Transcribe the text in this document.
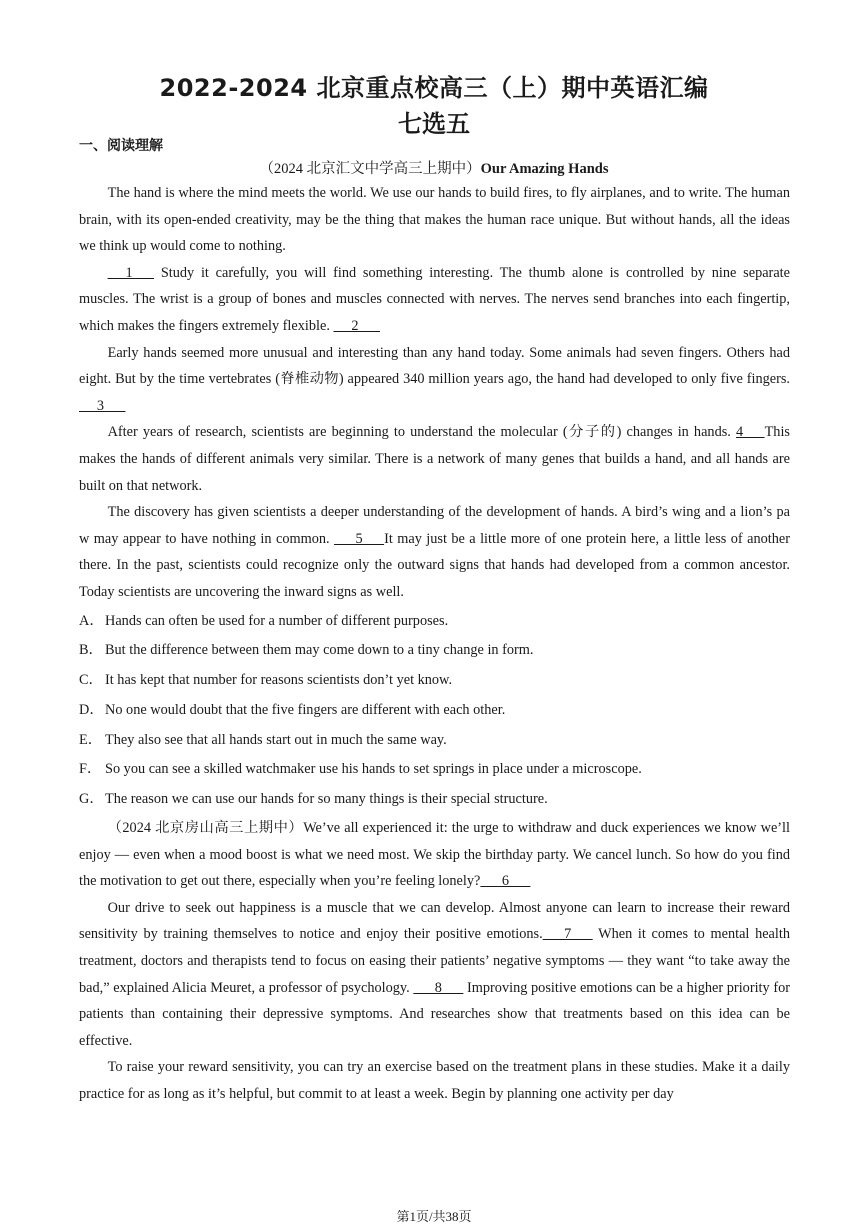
2022-2024 北京重点校高三（上）期中英语汇编
七选五
一、阅读理解
（2024 北京汇文中学高三上期中）Our Amazing Hands

The hand is where the mind meets the world. We use our hands to build fires, to fly airplanes, and to write. The human brain, with its open-ended creativity, may be the thing that makes the human race unique. But without hands, all the ideas we think up would come to nothing.

1       Study it carefully, you will find something interesting. The thumb alone is controlled by nine separate muscles. The wrist is a group of bones and muscles connected with nerves. The nerves send branches into each fingertip, which makes the fingers extremely flexible.      2

Early hands seemed more unusual and interesting than any hand today. Some animals had seven fingers. Others had eight. But by the time vertebrates (脊椎动物) appeared 340 million years ago, the hand had developed to only five fingers.      3

After years of research, scientists are beginning to understand the molecular (分子的) changes in hands. 4      This makes the hands of different animals very similar. There is a network of many genes that builds a hand, and all hands are built on that network.

The discovery has given scientists a deeper understanding of the development of hands. A bird’s wing and a lion’s pa w may appear to have nothing in common.       5      It may just be a little more of one protein here, a little less of another there. In the past, scientists could recognize only the outward signs that hands had developed from a common ancestor. Today scientists are uncovering the inward signs as well.

A．Hands can often be used for a number of different purposes.

B． But the difference between them may come down to a tiny change in form.

C． It has kept that number for reasons scientists don’t yet know.

D．No one would doubt that the five fingers are different with each other.

E． They also see that all hands start out in much the same way.

F． So you can see a skilled watchmaker use his hands to set springs in place under a microscope.

G．The reason we can use our hands for so many things is their special structure.

（2024 北京房山高三上期中）We’ve all experienced it: the urge to withdraw and duck experiences we know we’ll enjoy — even when a mood boost is what we need most. We skip the birthday party. We cancel lunch. So how do you find the motivation to get out there, especially when you’re feeling lonely?      6

Our drive to seek out happiness is a muscle that we can develop. Almost anyone can learn to increase their reward sensitivity by training themselves to notice and enjoy their positive emotions.      7       When it comes to mental health treatment, doctors and therapists tend to focus on easing their patients’ negative symptoms — they want “to take away the bad,” explained Alicia Meuret, a professor of psychology.       8       Improving positive emotions can be a higher priority for patients than containing their depressive symptoms. And researches show that treatments based on this idea can be effective.

To raise your reward sensitivity, you can try an exercise based on the treatment plans in these studies. Make it a daily practice for as long as it’s helpful, but commit to at least a week. Begin by planning one activity per day

第1页/共38页
